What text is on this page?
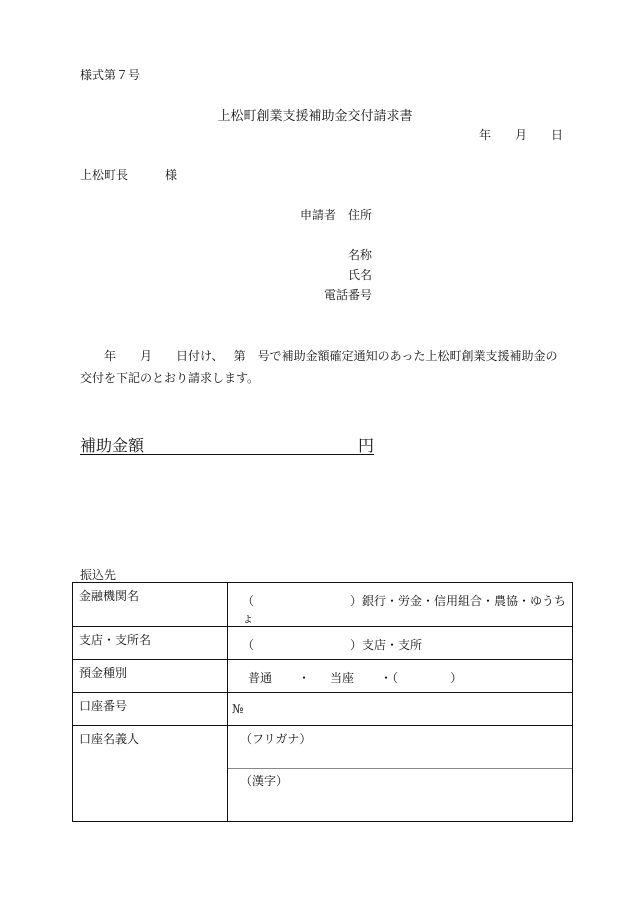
様式第７号
上松町創業支援補助金交付請求書
年 月 日
上松町長	様
申請者 住所
名称
氏名
電話番号
年 月 日付け、 第 号で補助金額確定通知のあった上松町創業支援補助金の
交付を下記のとおり請求します。
補助金額	円
振込先
金融機関名	（ ）銀行・労金・信用組合・農協・ゆうちょ
支店・支所名	（ ）支店・支所
預金種別	普通 ・ 当座 ・（ ）
口座番号	№
口座名義人	（フリガナ）
（漢字）
